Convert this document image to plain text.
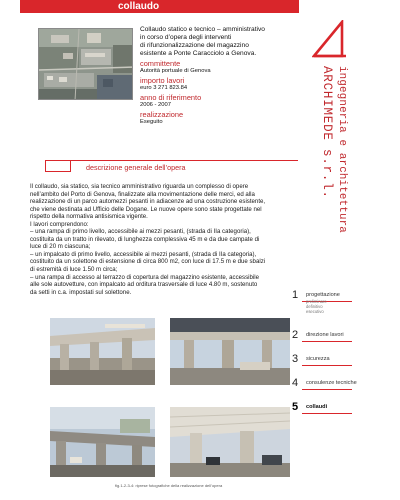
collaudo

Collaudo statico e tecnico – amministrativo
in corso d’opera degli interventi
di rifunzionalizzazione del magazzino
esistente a Ponte Caracciolo a Genova.

committente
Autorità portuale di Genova
importo lavori
euro 3 271 823.84
anno di riferimento
2006 - 2007
realizzazione
Eseguito	ARCHIMEDE s.r.l. ingegneria e architettura
descrizione generale dell’opera

Il collaudo, sia statico, sia tecnico amministrativo riguarda un complesso di opere
nell’ambito del Porto di Genova, finalizzate alla movimentazione delle merci, ed alla
realizzazione di un parco automezzi pesanti in adiacenze ad una costruzione esistente,
che viene destinata ad Ufficio delle Dogane. Le nuove opere sono state progettate nel
rispetto della normativa antisismica vigente.

I lavori comprendono:

– una rampa di primo livello, accessibile ai mezzi pesanti, (strada di IIa categoria),
costituita da un tratto in rilevato, di lunghezza complessiva 45 m e da due campate di
luce di 20 m ciascuna;

– un impalcato di primo livello, accessibile ai mezzi pesanti, (strada di IIa categoria),
costituito da un solettone di estensione di circa 800 m2, con luce di 17.5 m e due sbalzi
di estremità di luce 1.50 m circa;

– una rampa di accesso al terrazzo di copertura del magazzino esistente, accessibile
alle sole autovetture, con impalcato ad orditura trasversale di luce 4.80 m, sostenuto
da setti in c.a. impostati sul solettone.	1 progettazione
preliminare
definitivo
esecutivo
2 direzione lavori
3 sicurezza
4 consulenze tecniche
5 collaudi
fig.1-2-3-4: riprese fotografiche della realizzazione dell’opera
